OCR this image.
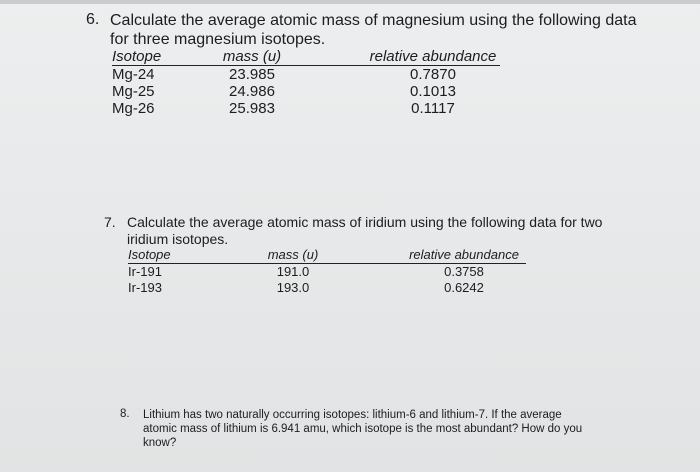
6. Calculate the average atomic mass of magnesium using the following data for three magnesium isotopes.
Isotope	mass (u)		relative abundance
Mg-24	23.985		0.7870
Mg-25	24.986		0.1013
Mg-26	25.983		0.1117
7. Calculate the average atomic mass of iridium using the following data for two iridium isotopes.
Isotope	mass (u)		relative abundance
Ir-191	191.0		0.3758
Ir-193	193.0		0.6242
8. Lithium has two naturally occurring isotopes: lithium-6 and lithium-7. If the average atomic mass of lithium is 6.941 amu, which isotope is the most abundant? How do you know?
